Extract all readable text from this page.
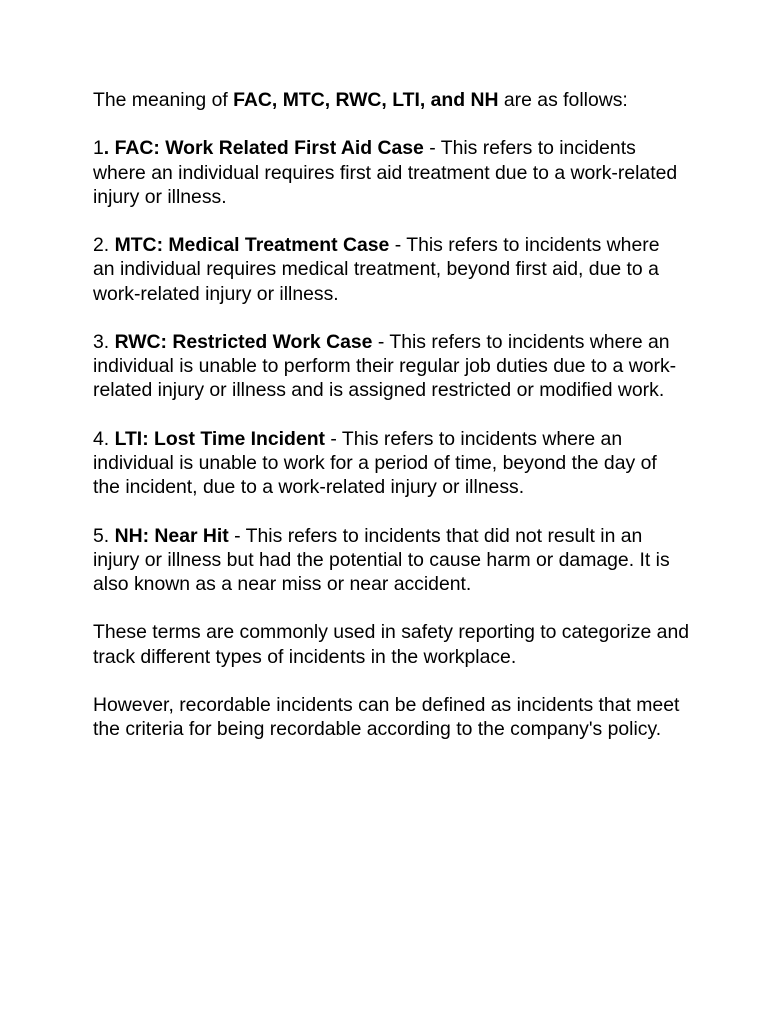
The meaning of FAC, MTC, RWC, LTI, and NH are as follows:

1. FAC: Work Related First Aid Case - This refers to incidents where an individual requires first aid treatment due to a work-related injury or illness.

2. MTC: Medical Treatment Case - This refers to incidents where an individual requires medical treatment, beyond first aid, due to a work-related injury or illness.

3. RWC: Restricted Work Case - This refers to incidents where an individual is unable to perform their regular job duties due to a work-related injury or illness and is assigned restricted or modified work.

4. LTI: Lost Time Incident - This refers to incidents where an individual is unable to work for a period of time, beyond the day of the incident, due to a work-related injury or illness.

5. NH: Near Hit - This refers to incidents that did not result in an injury or illness but had the potential to cause harm or damage. It is also known as a near miss or near accident.

These terms are commonly used in safety reporting to categorize and track different types of incidents in the workplace.

However, recordable incidents can be defined as incidents that meet the criteria for being recordable according to the company's policy.
